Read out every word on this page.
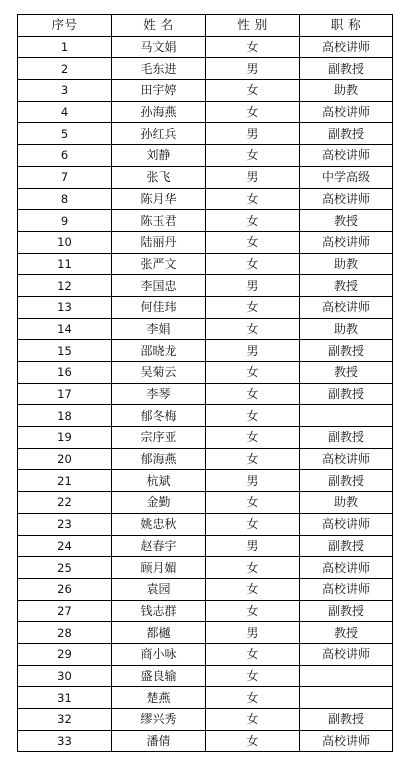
序号	姓 名	性 别	职 称
1	马文娟	女	高校讲师
2	毛东进	男	副教授
3	田宇婷	女	助教
4	孙海燕	女	高校讲师
5	孙红兵	男	副教授
6	刘静	女	高校讲师
7	张飞	男	中学高级
8	陈月华	女	高校讲师
9	陈玉君	女	教授
10	陆丽丹	女	高校讲师
11	张严文	女	助教
12	李国忠	男	教授
13	何佳玮	女	高校讲师
14	李娟	女	助教
15	邵晓龙	男	副教授
16	吴菊云	女	教授
17	李琴	女	副教授
18	郁冬梅	女	
19	宗序亚	女	副教授
20	郁海燕	女	高校讲师
21	杭斌	男	副教授
22	金勤	女	助教
23	姚忠秋	女	高校讲师
24	赵春宇	男	副教授
25	顾月媚	女	高校讲师
26	袁园	女	高校讲师
27	钱志群	女	副教授
28	都樾	男	教授
29	商小咏	女	高校讲师
30	盛良输	女	
31	楚燕	女	
32	缪兴秀	女	副教授
33	潘倩	女	高校讲师
